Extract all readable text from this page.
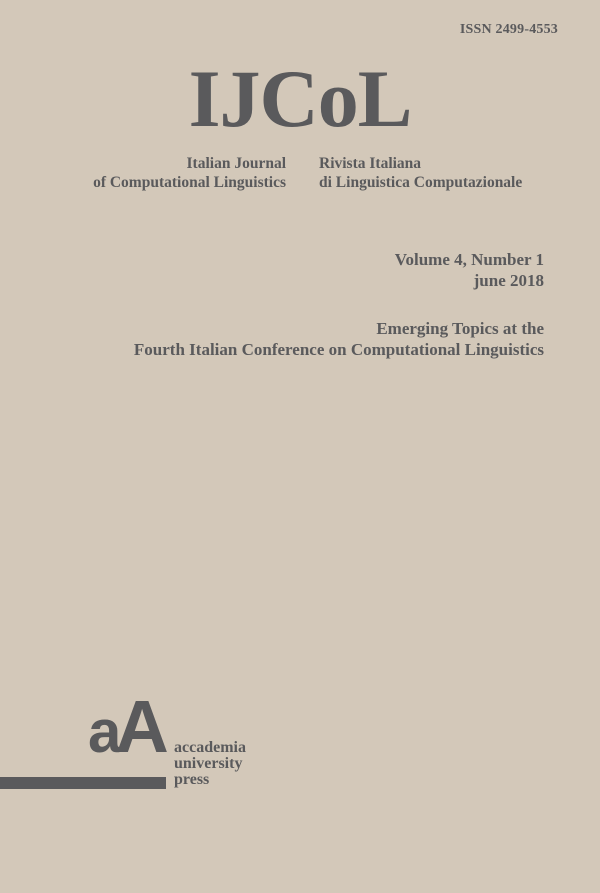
ISSN 2499-4553
IJCoL
Italian Journal
of Computational Linguistics
Rivista Italiana
di Linguistica Computazionale
Volume 4, Number 1
june 2018
Emerging Topics at the
Fourth Italian Conference on Computational Linguistics
aA accademia
university
press
